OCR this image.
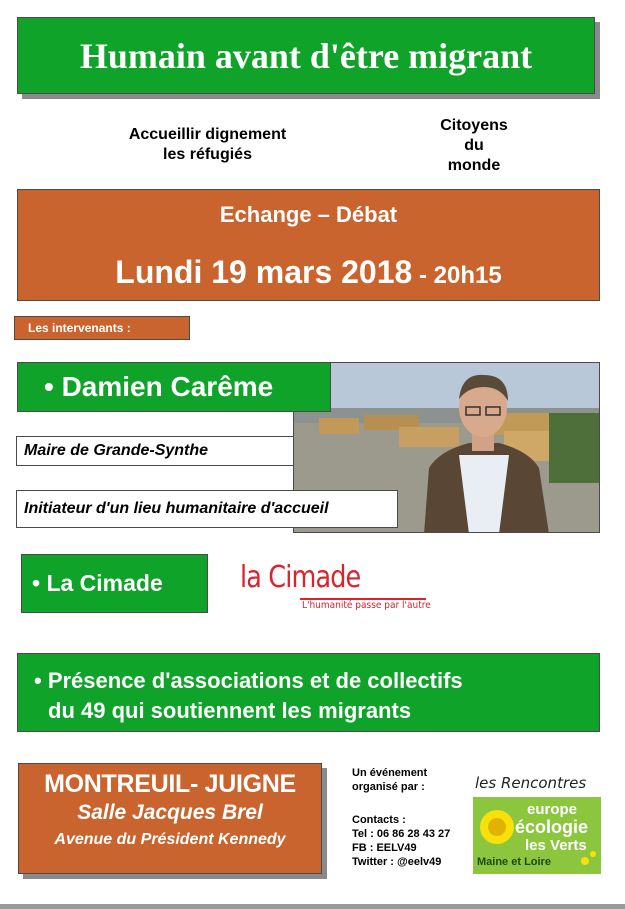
Humain avant d'être migrant
Accueillir dignement
les réfugiés
Citoyens
du
monde
Echange – Débat
Lundi 19 mars 2018 - 20h15
Les intervenants :
• Damien Carême
Maire de Grande-Synthe
Initiateur d'un lieu humanitaire d'accueil
• La Cimade	la Cimade
L'humanité passe par l'autre
• Présence d'associations et de collectifs
du 49 qui soutiennent les migrants
MONTREUIL- JUIGNE
Salle Jacques Brel
Avenue du Président Kennedy
Un événement
organisé par :
Contacts :
Tel : 06 86 28 43 27
FB : EELV49
Twitter : @eelv49
les Rencontres
europe
écologie
les Verts
Maine et Loire
